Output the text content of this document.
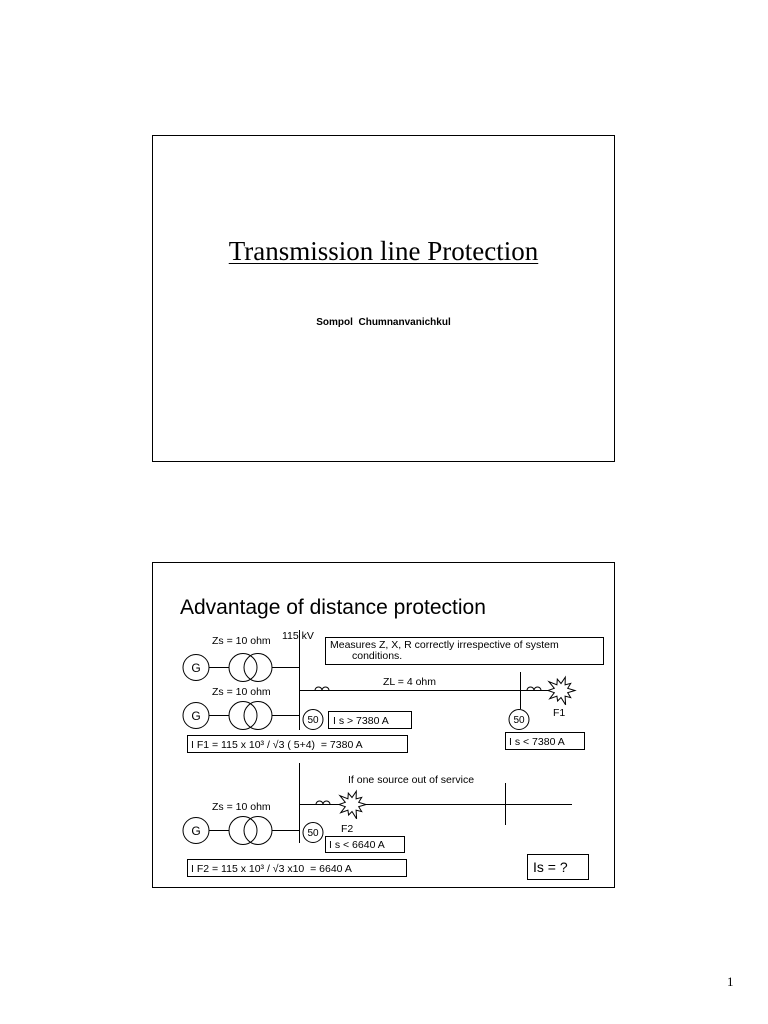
Transmission line Protection
Sompol  Chumnanvanichkul
Advantage of distance protection
115 kV
Measures Z, X, R correctly irrespective of system
conditions.
Zs = 10 ohm
G
Zs = 10 ohm
G
ZL = 4 ohm
F1
50 I s > 7380 A	50
I s < 7380 A
I F1 = 115 x 10³ / √3 ( 5+4)  = 7380 A
If one source out of service
Zs = 10 ohm
G	F2
50
I s < 6640 A
I F2 = 115 x 10³ / √3 x10  = 6640 A	Is = ?
1
